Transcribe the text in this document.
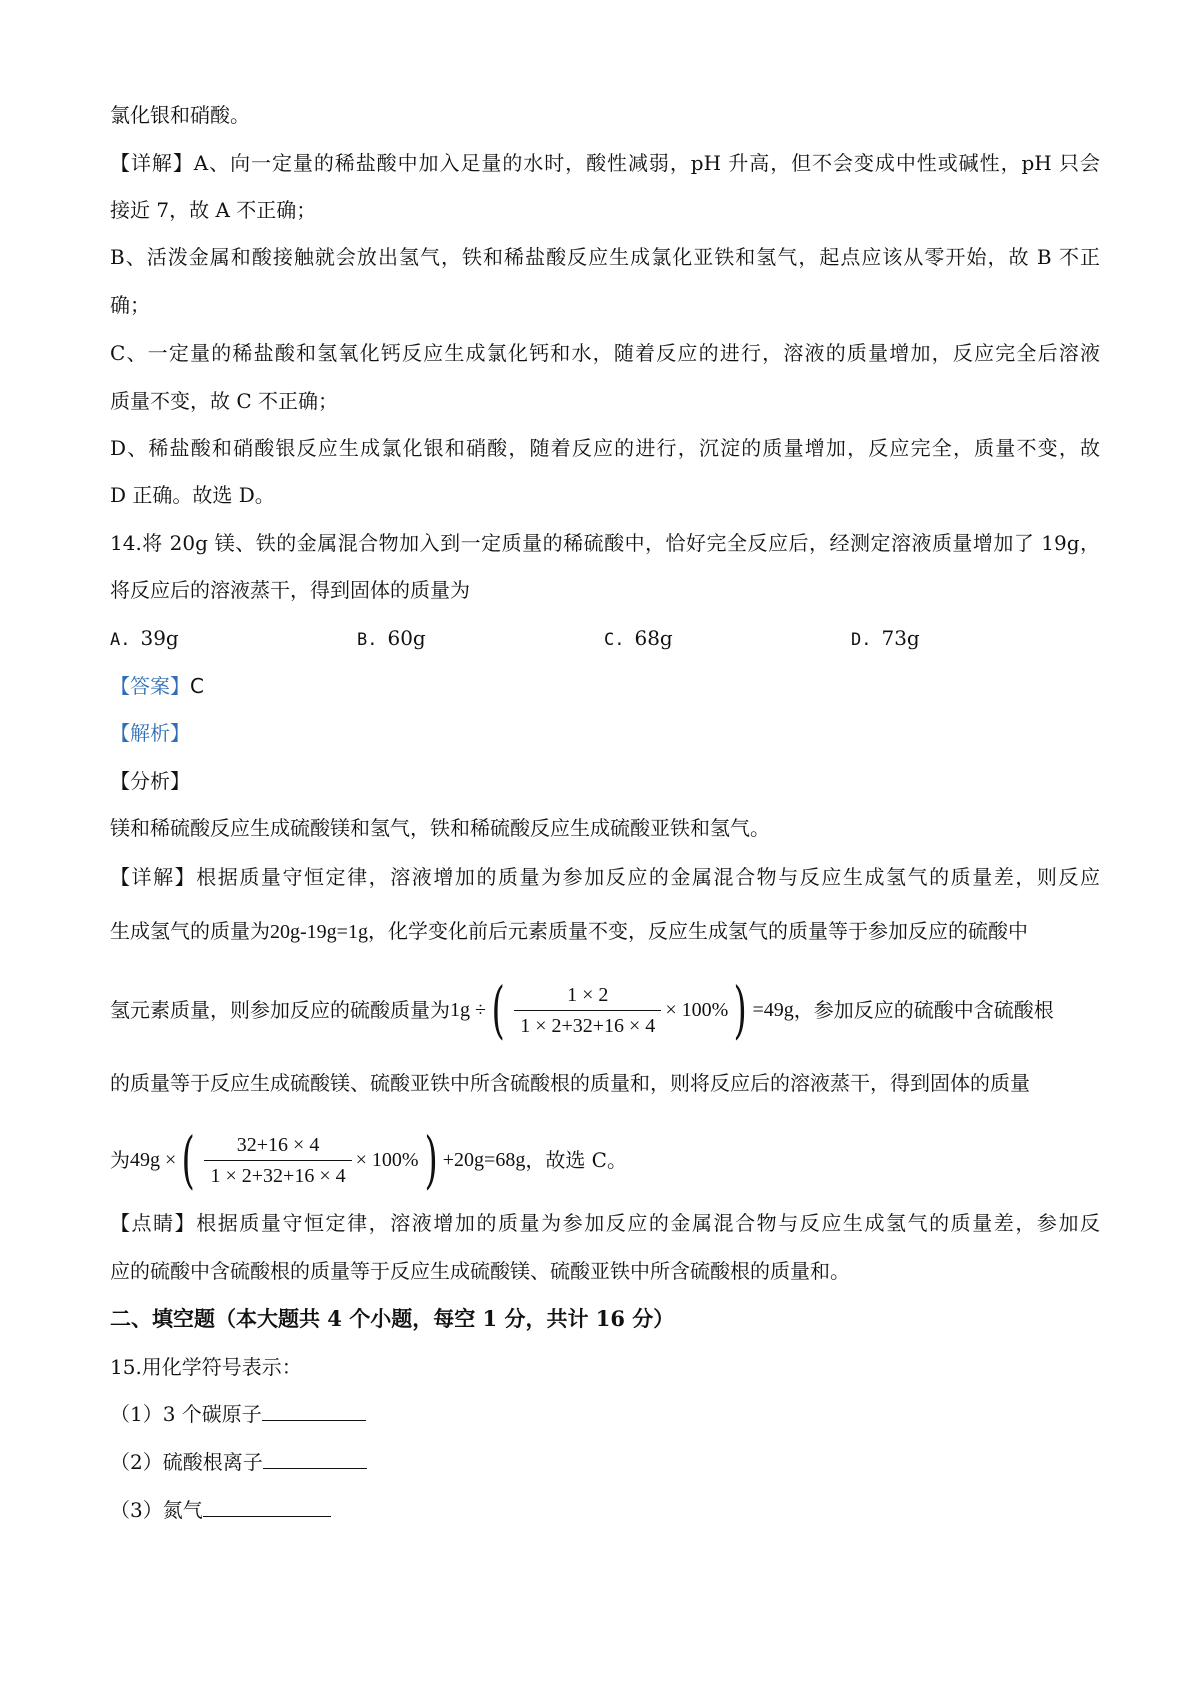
氯化银和硝酸。
【详解】A、向一定量的稀盐酸中加入足量的水时，酸性减弱，pH 升高，但不会变成中性或碱性，pH 只会
接近 7，故 A 不正确；
B、活泼金属和酸接触就会放出氢气，铁和稀盐酸反应生成氯化亚铁和氢气，起点应该从零开始，故 B 不正
确；
C、一定量的稀盐酸和氢氧化钙反应生成氯化钙和水，随着反应的进行，溶液的质量增加，反应完全后溶液
质量不变，故 C 不正确；
D、稀盐酸和硝酸银反应生成氯化银和硝酸，随着反应的进行，沉淀的质量增加，反应完全，质量不变，故
D 正确。故选 D。
14.将 20g 镁、铁的金属混合物加入到一定质量的稀硫酸中，恰好完全反应后，经测定溶液质量增加了 19g，
将反应后的溶液蒸干，得到固体的质量为
A. 39g	B. 60g	C. 68g	D. 73g
【答案】C
【解析】
【分析】
镁和稀硫酸反应生成硫酸镁和氢气，铁和稀硫酸反应生成硫酸亚铁和氢气。
【详解】根据质量守恒定律，溶液增加的质量为参加反应的金属混合物与反应生成氢气的质量差，则反应
生成氢气的质量为20g-19g=1g，化学变化前后元素质量不变，反应生成氢气的质量等于参加反应的硫酸中
氢元素质量，则参加反应的硫酸质量为 1g ÷ ( $\frac{1 \times 2}{1 \times 2+32+16 \times 4} \times 100\%$ ) =49g ，参加反应的硫酸中含硫酸根
的质量等于反应生成硫酸镁、硫酸亚铁中所含硫酸根的质量和，则将反应后的溶液蒸干，得到固体的质量
为 49g × ( $\frac{32+16 \times 4}{1 \times 2+32+16 \times 4} \times 100\%$ ) +20g=68g ，故选 C。
【点睛】根据质量守恒定律，溶液增加的质量为参加反应的金属混合物与反应生成氢气的质量差，参加反
应的硫酸中含硫酸根的质量等于反应生成硫酸镁、硫酸亚铁中所含硫酸根的质量和。
二、填空题（本大题共 4 个小题，每空 1 分，共计 16 分）
15.用化学符号表示：
（1）3 个碳原子
（2）硫酸根离子
（3）氮气
